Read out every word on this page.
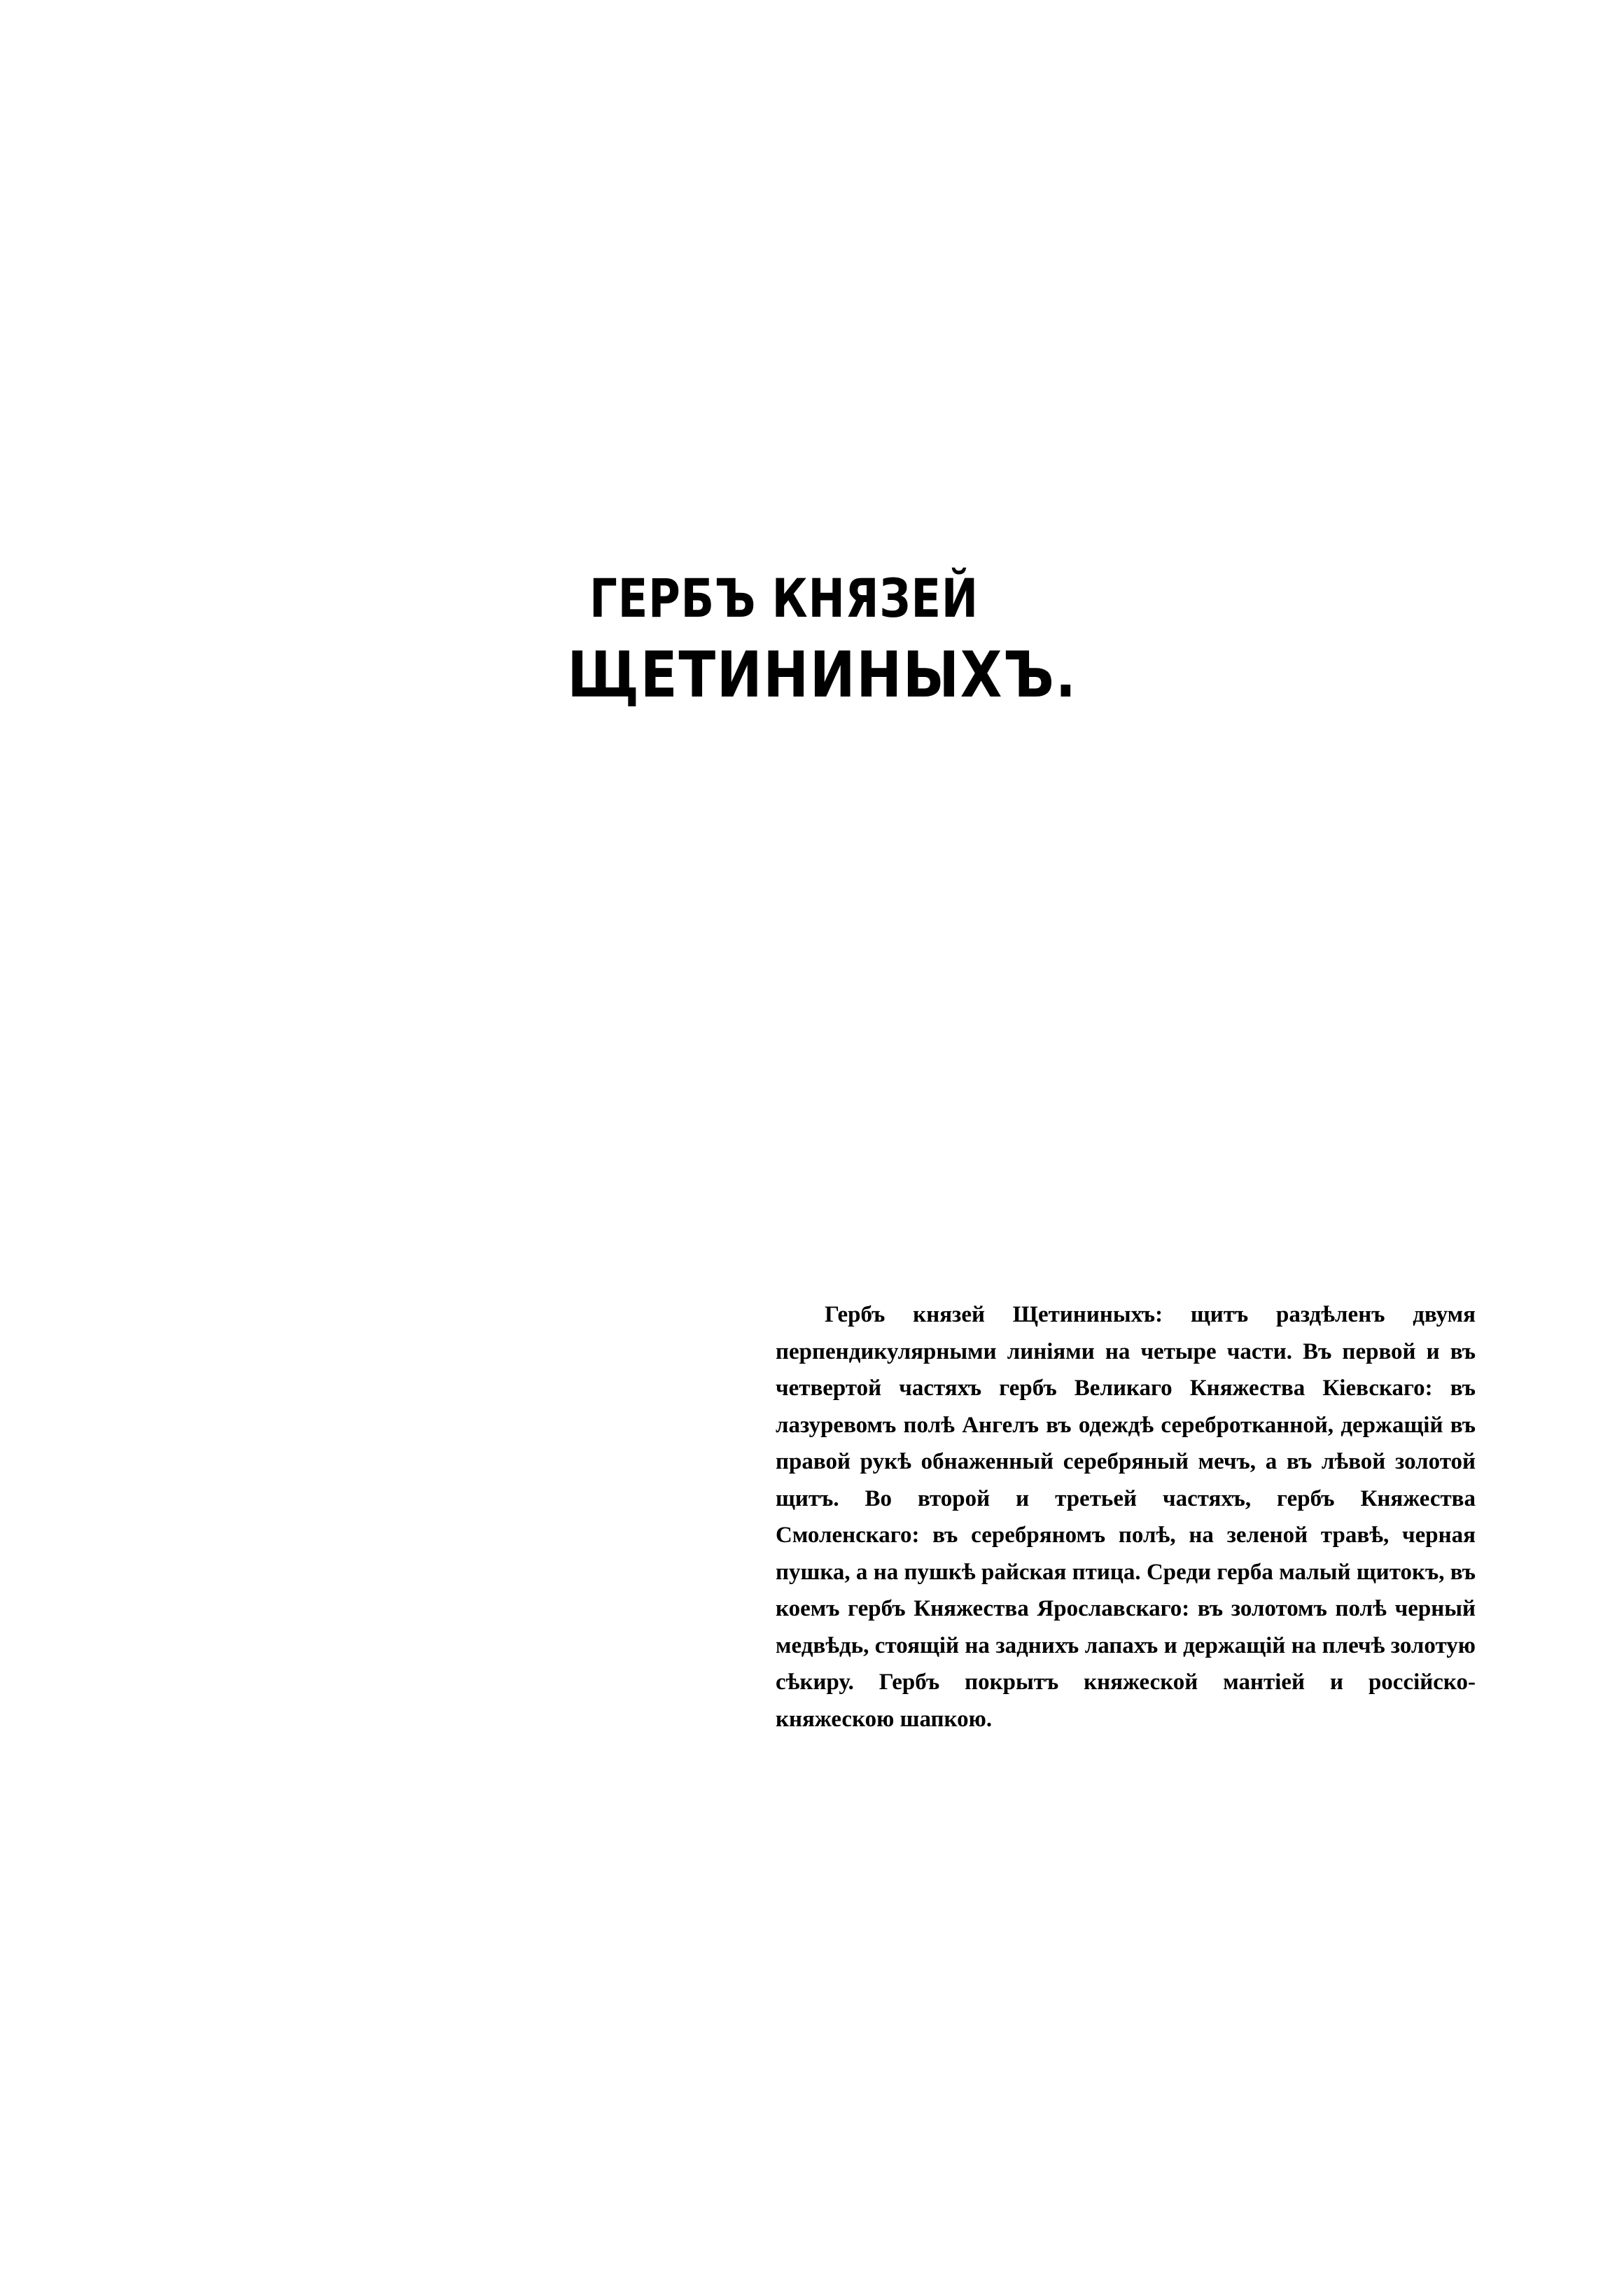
ГЕРБЪ КНЯЗЕЙ
ЩЕТИНИНЫХЪ.

Гербъ князей Щетининыхъ: щитъ раздѣленъ двумя перпендикулярными линіями на четыре части. Въ первой и въ четвертой частяхъ гербъ Великаго Княжества Кіевскаго: въ лазуревомъ полѣ Ангелъ въ одеждѣ серебротканной, держащій въ правой рукѣ обнаженный серебряный мечъ, а въ лѣвой золотой щитъ. Во второй и третьей частяхъ, гербъ Княжества Смоленскаго: въ серебряномъ полѣ, на зеленой травѣ, черная пушка, а на пушкѣ райская птица. Среди герба малый щитокъ, въ коемъ гербъ Княжества Ярославскаго: въ золотомъ полѣ черный медвѣдь, стоящій на заднихъ лапахъ и держащій на плечѣ золотую сѣкиру. Гербъ покрытъ княжеской мантіей и россійско-княжескою шапкою.
